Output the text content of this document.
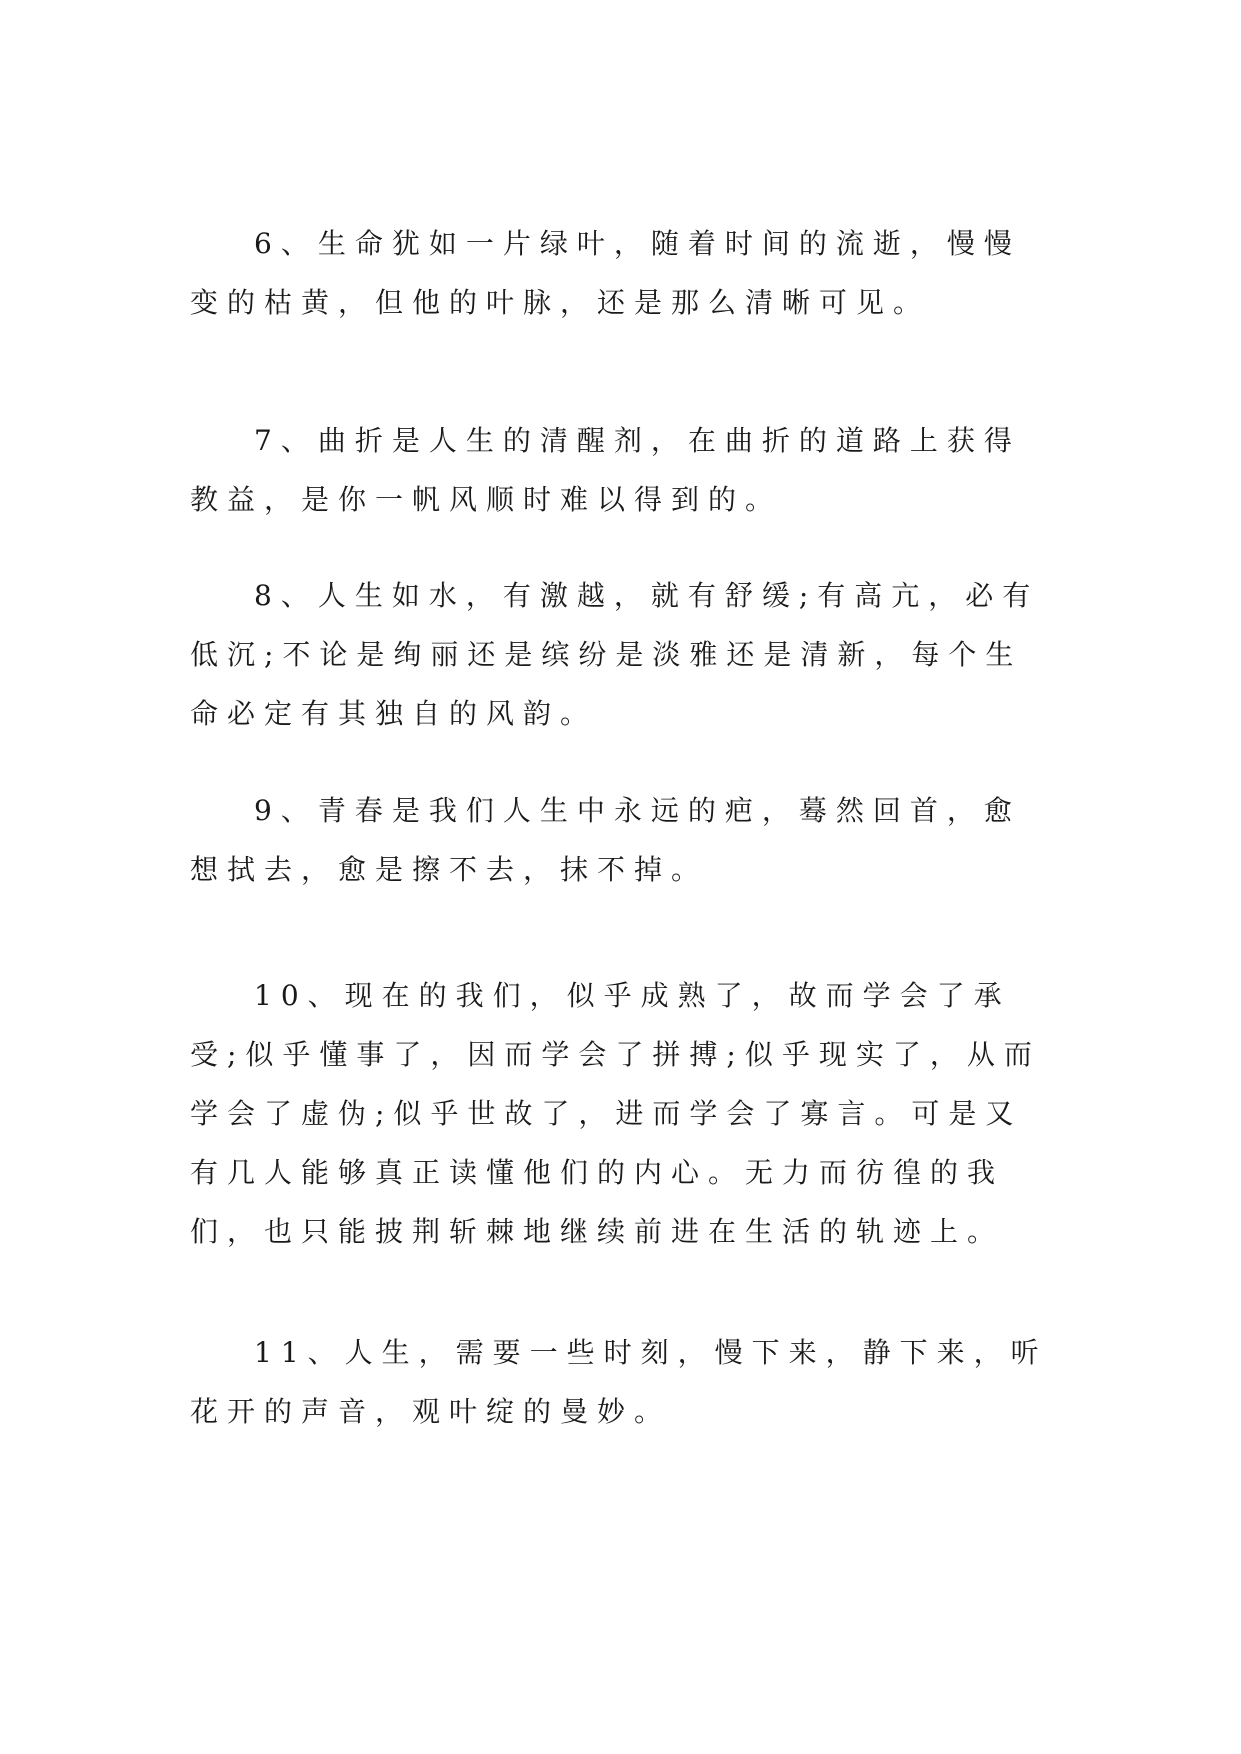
6、生命犹如一片绿叶，随着时间的流逝，慢慢变的枯黄，但他的叶脉，还是那么清晰可见。

7、曲折是人生的清醒剂，在曲折的道路上获得教益，是你一帆风顺时难以得到的。

8、人生如水，有激越，就有舒缓;有高亢，必有低沉;不论是绚丽还是缤纷是淡雅还是清新，每个生命必定有其独自的风韵。

9、青春是我们人生中永远的疤，蓦然回首，愈想拭去，愈是擦不去，抹不掉。

10、现在的我们，似乎成熟了，故而学会了承受;似乎懂事了，因而学会了拼搏;似乎现实了，从而学会了虚伪;似乎世故了，进而学会了寡言。可是又有几人能够真正读懂他们的内心。无力而彷徨的我们，也只能披荆斩棘地继续前进在生活的轨迹上。

11、人生，需要一些时刻，慢下来，静下来，听花开的声音，观叶绽的曼妙。
